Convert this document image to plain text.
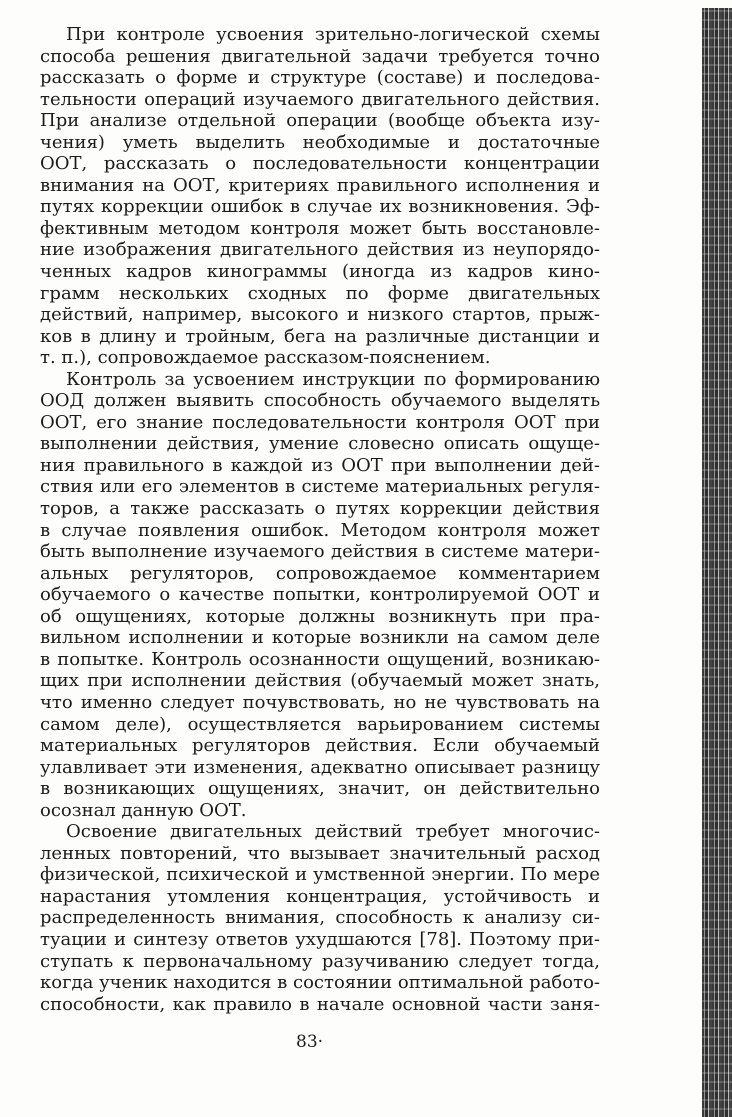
При контроле усвоения зрительно-логической схемы
способа решения двигательной задачи требуется точно
рассказать о форме и структуре (составе) и последова-
тельности операций изучаемого двигательного действия.
При анализе отдельной операции (вообще объекта изу-
чения) уметь выделить необходимые и достаточные
ООТ, рассказать о последовательности концентрации
внимания на ООТ, критериях правильного исполнения и
путях коррекции ошибок в случае их возникновения. Эф-
фективным методом контроля может быть восстановле-
ние изображения двигательного действия из неупорядо-
ченных кадров кинограммы (иногда из кадров кино-
грамм нескольких сходных по форме двигательных
действий, например, высокого и низкого стартов, прыж-
ков в длину и тройным, бега на различные дистанции и
т. п.), сопровождаемое рассказом-пояснением.
Контроль за усвоением инструкции по формированию
ООД должен выявить способность обучаемого выделять
ООТ, его знание последовательности контроля ООТ при
выполнении действия, умение словесно описать ощуще-
ния правильного в каждой из ООТ при выполнении дей-
ствия или его элементов в системе материальных регуля-
торов, а также рассказать о путях коррекции действия
в случае появления ошибок. Методом контроля может
быть выполнение изучаемого действия в системе матери-
альных регуляторов, сопровождаемое комментарием
обучаемого о качестве попытки, контролируемой ООТ и
об ощущениях, которые должны возникнуть при пра-
вильном исполнении и которые возникли на самом деле
в попытке. Контроль осознанности ощущений, возникаю-
щих при исполнении действия (обучаемый может знать,
что именно следует почувствовать, но не чувствовать на
самом деле), осуществляется варьированием системы
материальных регуляторов действия. Если обучаемый
улавливает эти изменения, адекватно описывает разницу
в возникающих ощущениях, значит, он действительно
осознал данную ООТ.
Освоение двигательных действий требует многочис-
ленных повторений, что вызывает значительный расход
физической, психической и умственной энергии. По мере
нарастания утомления концентрация, устойчивость и
распределенность внимания, способность к анализу си-
туации и синтезу ответов ухудшаются [78]. Поэтому при-
ступать к первоначальному разучиванию следует тогда,
когда ученик находится в состоянии оптимальной работо-
способности, как правило в начале основной части заня-
83·
